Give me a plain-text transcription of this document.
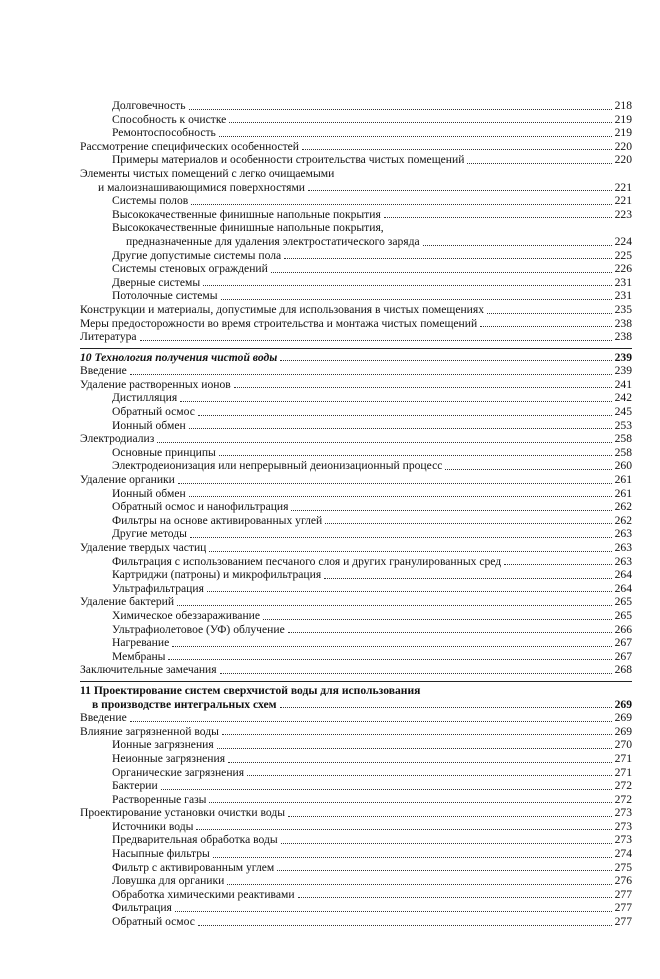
Долговечность	218
Способность к очистке	219
Ремонтоспособность	219
Рассмотрение специфических особенностей	220
Примеры материалов и особенности строительства чистых помещений	220
Элементы чистых помещений с легко очищаемыми
и малоизнашивающимися поверхностями	221
Системы полов	221
Высококачественные финишные напольные покрытия	223
Высококачественные финишные напольные покрытия,
предназначенные для удаления электростатического заряда	224
Другие допустимые системы пола	225
Системы стеновых ограждений	226
Дверные системы	231
Потолочные системы	231
Конструкции и материалы, допустимые для использования в чистых помещениях	235
Меры предосторожности во время строительства и монтажа чистых помещений	238
Литература	238
10 Технология получения чистой воды	239
Введение	239
Удаление растворенных ионов	241
Дистилляция	242
Обратный осмос	245
Ионный обмен	253
Электродиализ	258
Основные принципы	258
Электродеионизация или непрерывный деионизационный процесс	260
Удаление органики	261
Ионный обмен	261
Обратный осмос и нанофильтрация	262
Фильтры на основе активированных углей	262
Другие методы	263
Удаление твердых частиц	263
Фильтрация с использованием песчаного слоя и других гранулированных сред	263
Картриджи (патроны) и микрофильтрация	264
Ультрафильтрация	264
Удаление бактерий	265
Химическое обеззараживание	265
Ультрафиолетовое (УФ) облучение	266
Нагревание	267
Мембраны	267
Заключительные замечания	268
11 Проектирование систем сверхчистой воды для использования
в производстве интегральных схем	269
Введение	269
Влияние загрязненной воды	269
Ионные загрязнения	270
Неионные загрязнения	271
Органические загрязнения	271
Бактерии	272
Растворенные газы	272
Проектирование установки очистки воды	273
Источники воды	273
Предварительная обработка воды	273
Насыпные фильтры	274
Фильтр с активированным углем	275
Ловушка для органики	276
Обработка химическими реактивами	277
Фильтрация	277
Обратный осмос	277
